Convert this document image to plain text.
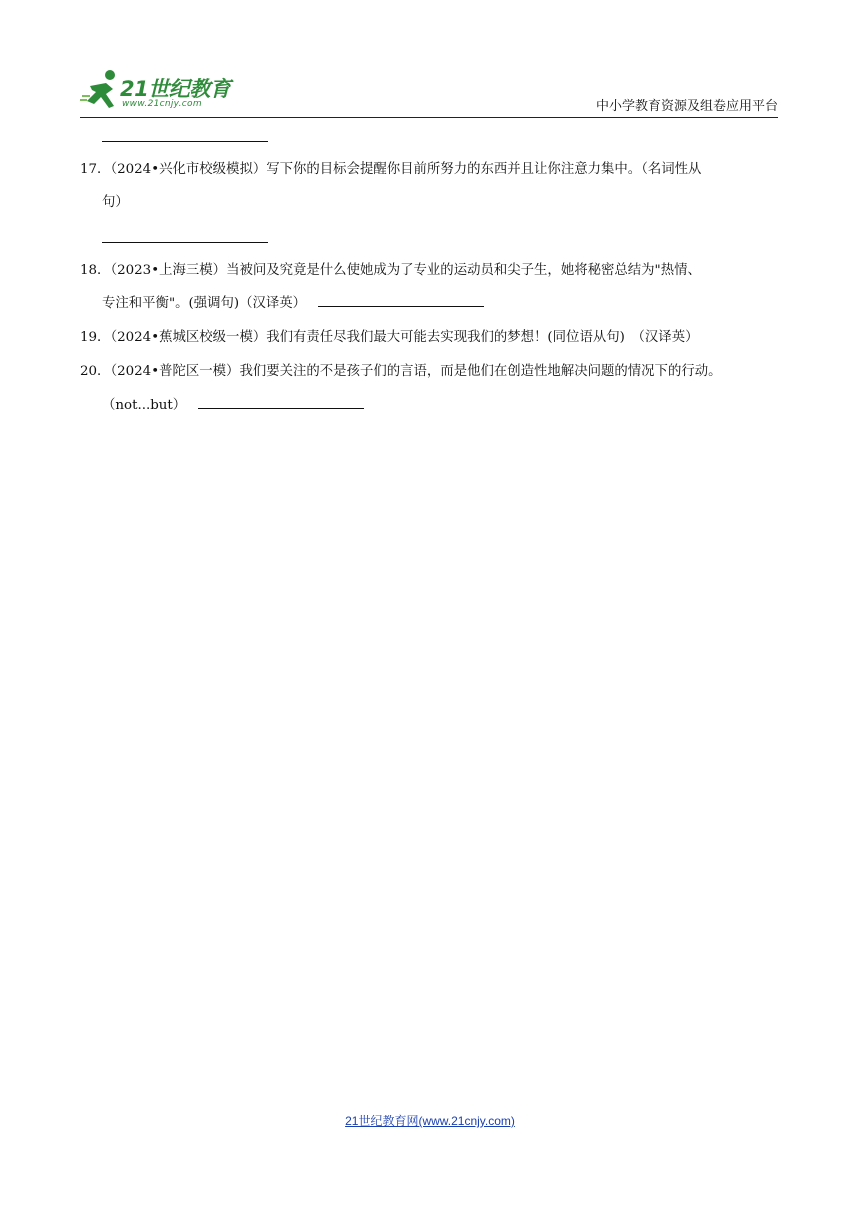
21世纪教育
www.21cnjy.com	中小学教育资源及组卷应用平台
17．（2024•兴化市校级模拟）写下你的目标会提醒你目前所努力的东西并且让你注意力集中。（名词性从
句）
18．（2023•上海三模）当被问及究竟是什么使她成为了专业的运动员和尖子生，她将秘密总结为"热情、
专注和平衡"。(强调句)（汉译英）
19．（2024•蕉城区校级一模）我们有责任尽我们最大可能去实现我们的梦想！(同位语从句)　（汉译英）
20．（2024•普陀区一模）我们要关注的不是孩子们的言语，而是他们在创造性地解决问题的情况下的行动。
（not...but）
21世纪教育网(www.21cnjy.com)
